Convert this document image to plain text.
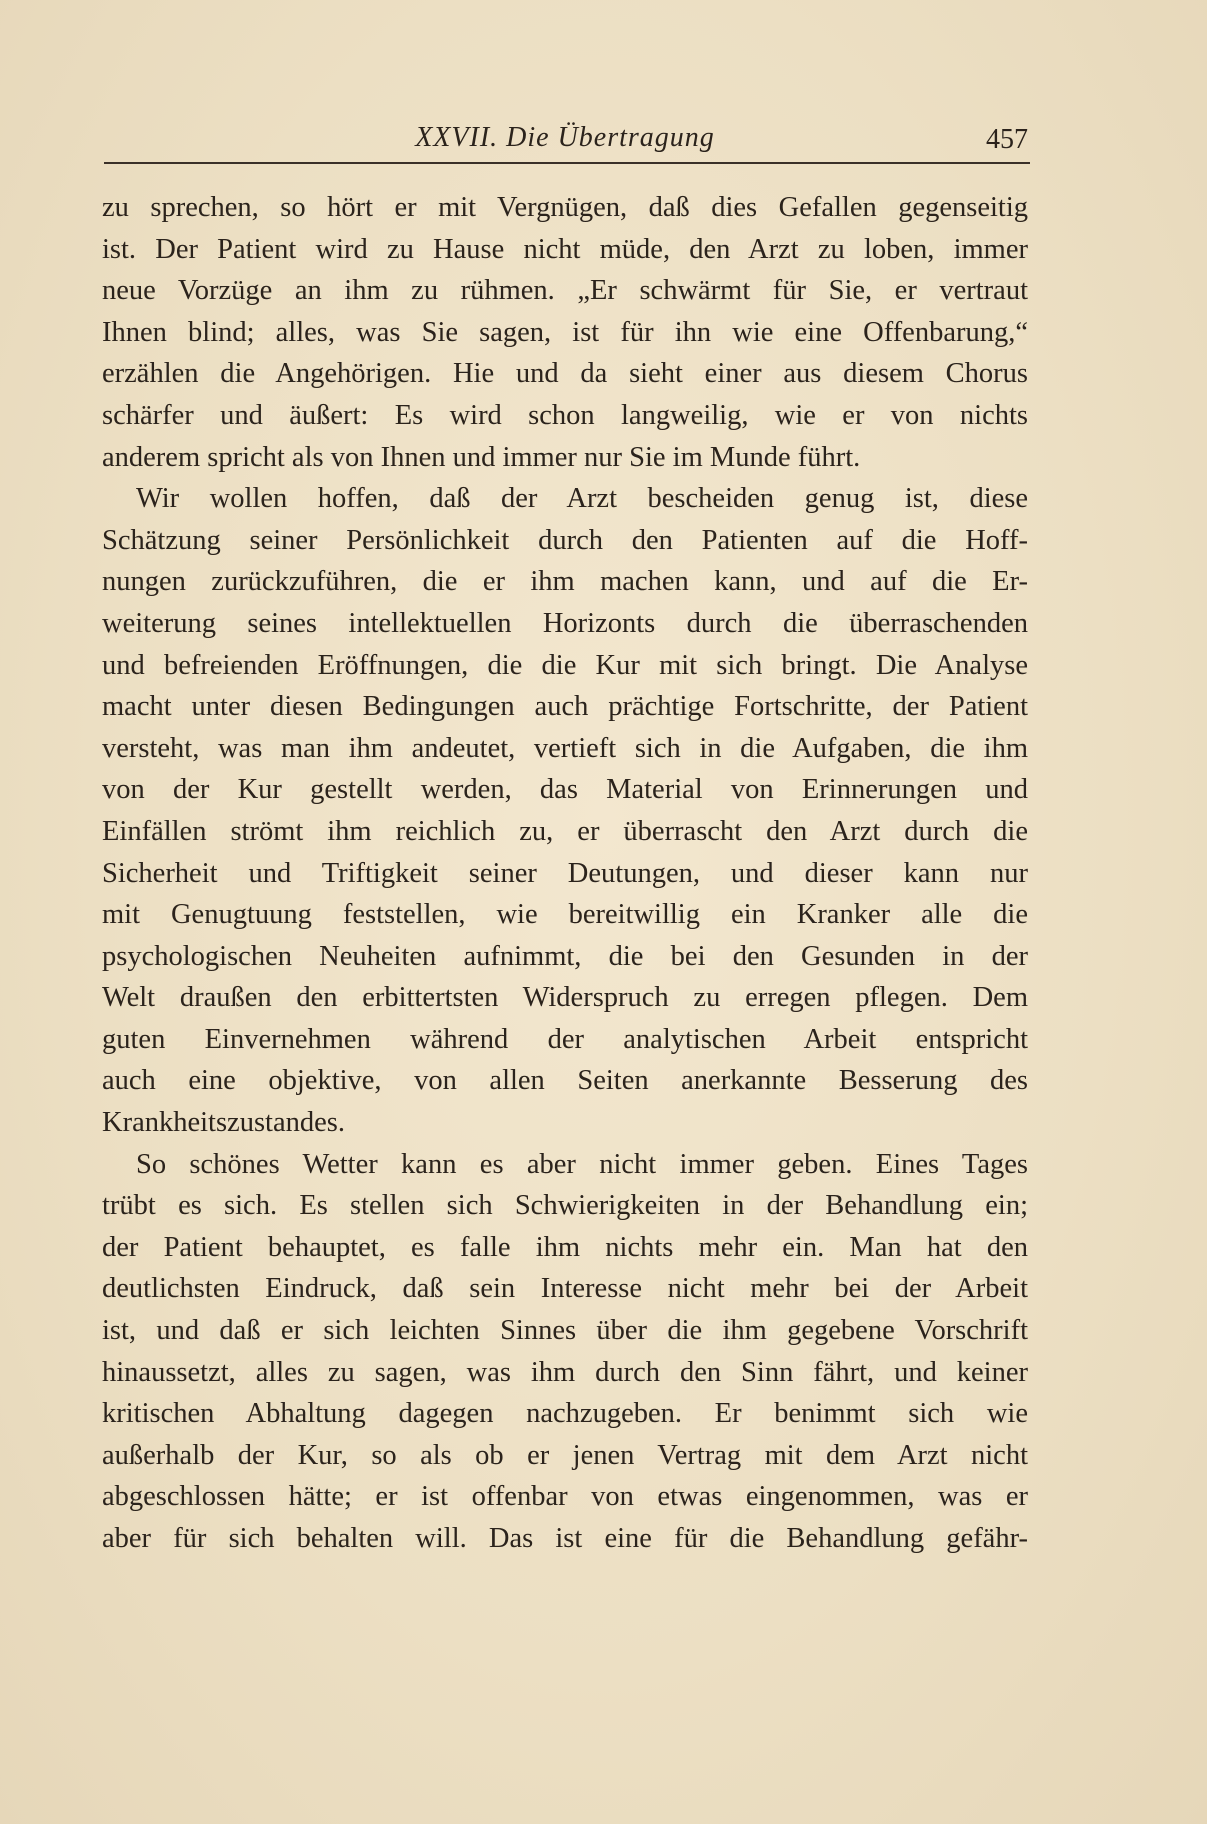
XXVII. Die Übertragung	457
zu sprechen, so hört er mit Vergnügen, daß dies Gefallen gegenseitig
ist. Der Patient wird zu Hause nicht müde, den Arzt zu loben, immer
neue Vorzüge an ihm zu rühmen. „Er schwärmt für Sie, er vertraut
Ihnen blind; alles, was Sie sagen, ist für ihn wie eine Offenbarung,“
erzählen die Angehörigen. Hie und da sieht einer aus diesem Chorus
schärfer und äußert: Es wird schon langweilig, wie er von nichts
anderem spricht als von Ihnen und immer nur Sie im Munde führt.
Wir wollen hoffen, daß der Arzt bescheiden genug ist, diese
Schätzung seiner Persönlichkeit durch den Patienten auf die Hoff-
nungen zurückzuführen, die er ihm machen kann, und auf die Er-
weiterung seines intellektuellen Horizonts durch die überraschenden
und befreienden Eröffnungen, die die Kur mit sich bringt. Die Analyse
macht unter diesen Bedingungen auch prächtige Fortschritte, der Patient
versteht, was man ihm andeutet, vertieft sich in die Aufgaben, die ihm
von der Kur gestellt werden, das Material von Erinnerungen und
Einfällen strömt ihm reichlich zu, er überrascht den Arzt durch die
Sicherheit und Triftigkeit seiner Deutungen, und dieser kann nur
mit Genugtuung feststellen, wie bereitwillig ein Kranker alle die
psychologischen Neuheiten aufnimmt, die bei den Gesunden in der
Welt draußen den erbittertsten Widerspruch zu erregen pflegen. Dem
guten Einvernehmen während der analytischen Arbeit entspricht
auch eine objektive, von allen Seiten anerkannte Besserung des
Krankheitszustandes.
So schönes Wetter kann es aber nicht immer geben. Eines Tages
trübt es sich. Es stellen sich Schwierigkeiten in der Behandlung ein;
der Patient behauptet, es falle ihm nichts mehr ein. Man hat den
deutlichsten Eindruck, daß sein Interesse nicht mehr bei der Arbeit
ist, und daß er sich leichten Sinnes über die ihm gegebene Vorschrift
hinaussetzt, alles zu sagen, was ihm durch den Sinn fährt, und keiner
kritischen Abhaltung dagegen nachzugeben. Er benimmt sich wie
außerhalb der Kur, so als ob er jenen Vertrag mit dem Arzt nicht
abgeschlossen hätte; er ist offenbar von etwas eingenommen, was er
aber für sich behalten will. Das ist eine für die Behandlung gefähr-
